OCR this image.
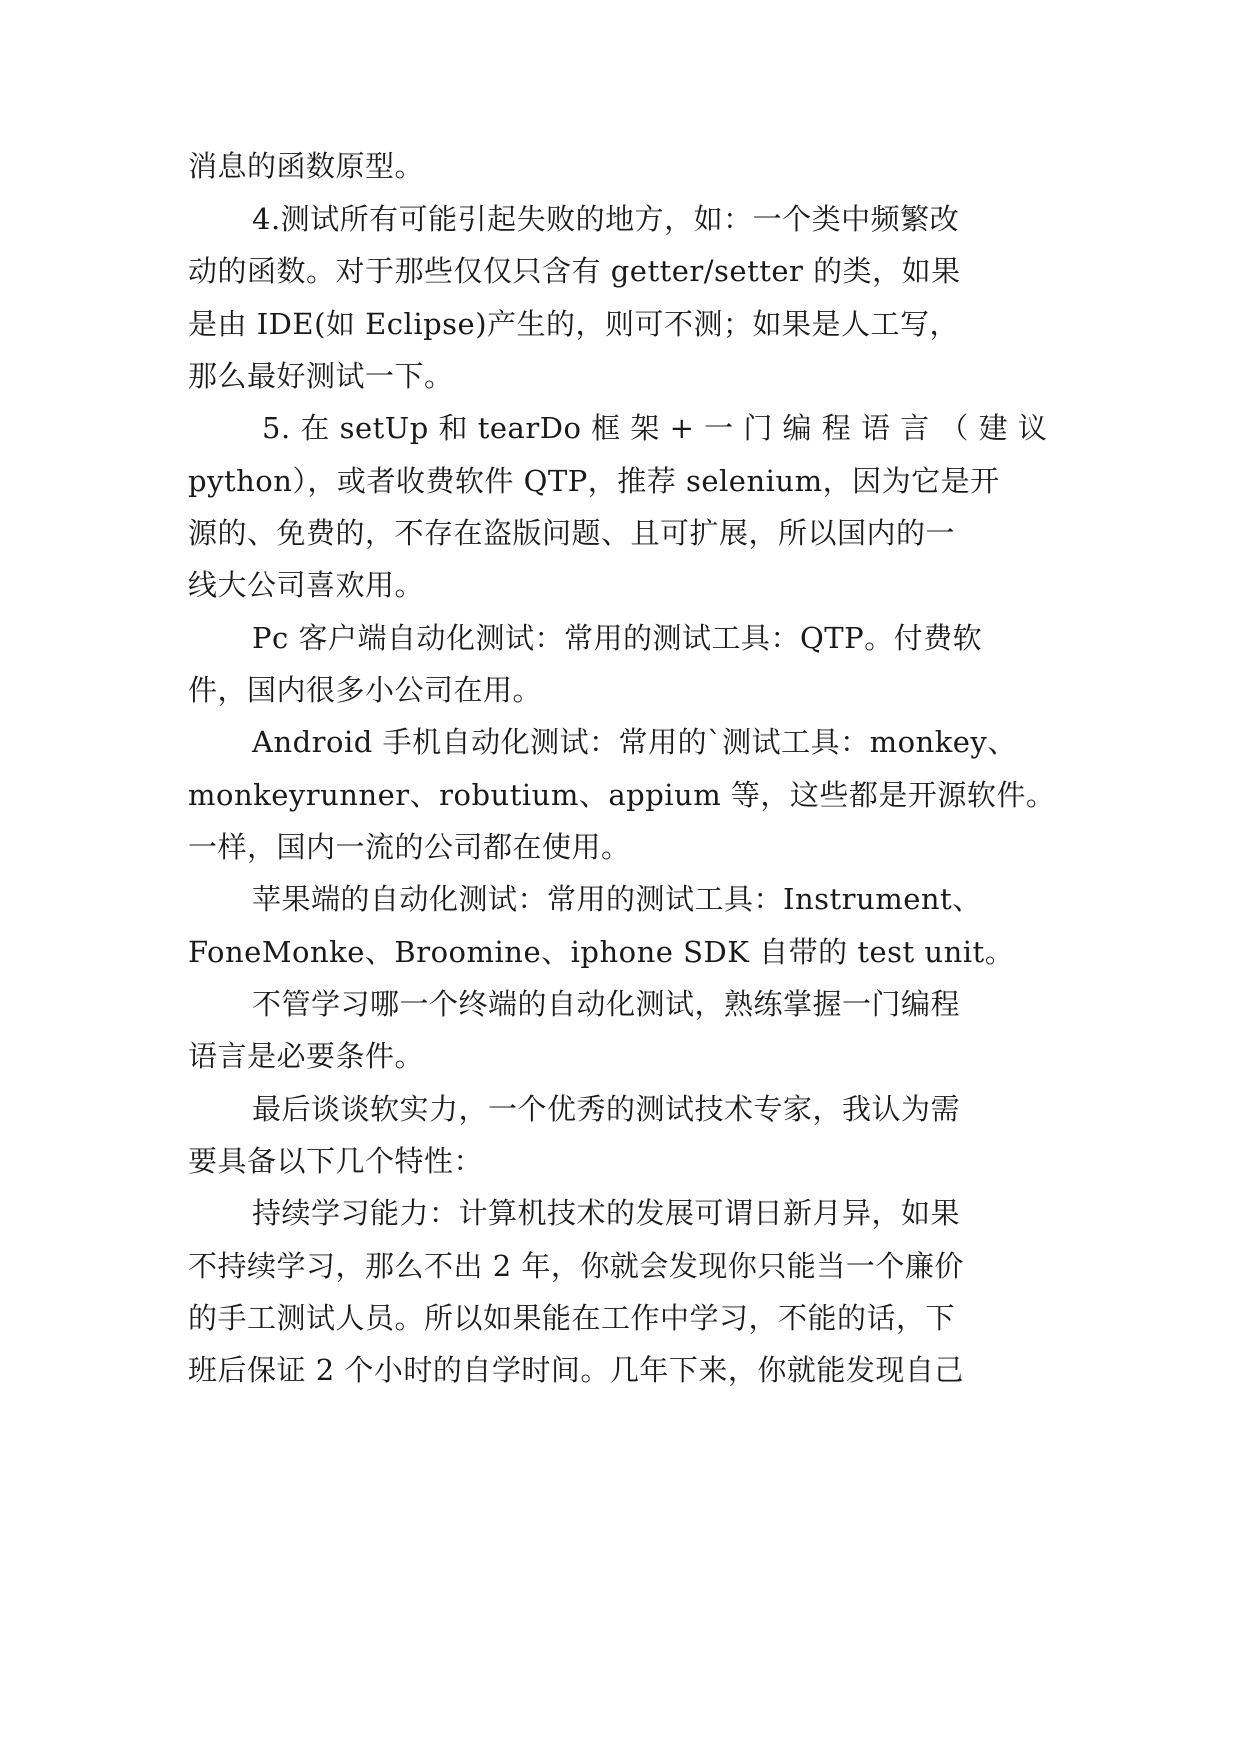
消息的函数原型。
4.测试所有可能引起失败的地方，如：一个类中频繁改
动的函数。对于那些仅仅只含有 getter/setter 的类，如果
是由 IDE(如 Eclipse)产生的，则可不测；如果是人工写，
那么最好测试一下。
5. 在 setUp 和 tearDo 框 架 + 一 门 编 程 语 言 （ 建 议
python），或者收费软件 QTP，推荐 selenium，因为它是开
源的、免费的，不存在盗版问题、且可扩展，所以国内的一
线大公司喜欢用。
Pc 客户端自动化测试：常用的测试工具：QTP。付费软
件，国内很多小公司在用。
Android 手机自动化测试：常用的`测试工具：monkey、
monkeyrunner、robutium、appium 等，这些都是开源软件。
一样，国内一流的公司都在使用。
苹果端的自动化测试：常用的测试工具：Instrument、
FoneMonke、Broomine、iphone SDK 自带的 test unit。
不管学习哪一个终端的自动化测试，熟练掌握一门编程
语言是必要条件。
最后谈谈软实力，一个优秀的测试技术专家，我认为需
要具备以下几个特性：
持续学习能力：计算机技术的发展可谓日新月异，如果
不持续学习，那么不出 2 年，你就会发现你只能当一个廉价
的手工测试人员。所以如果能在工作中学习，不能的话，下
班后保证 2 个小时的自学时间。几年下来，你就能发现自己
